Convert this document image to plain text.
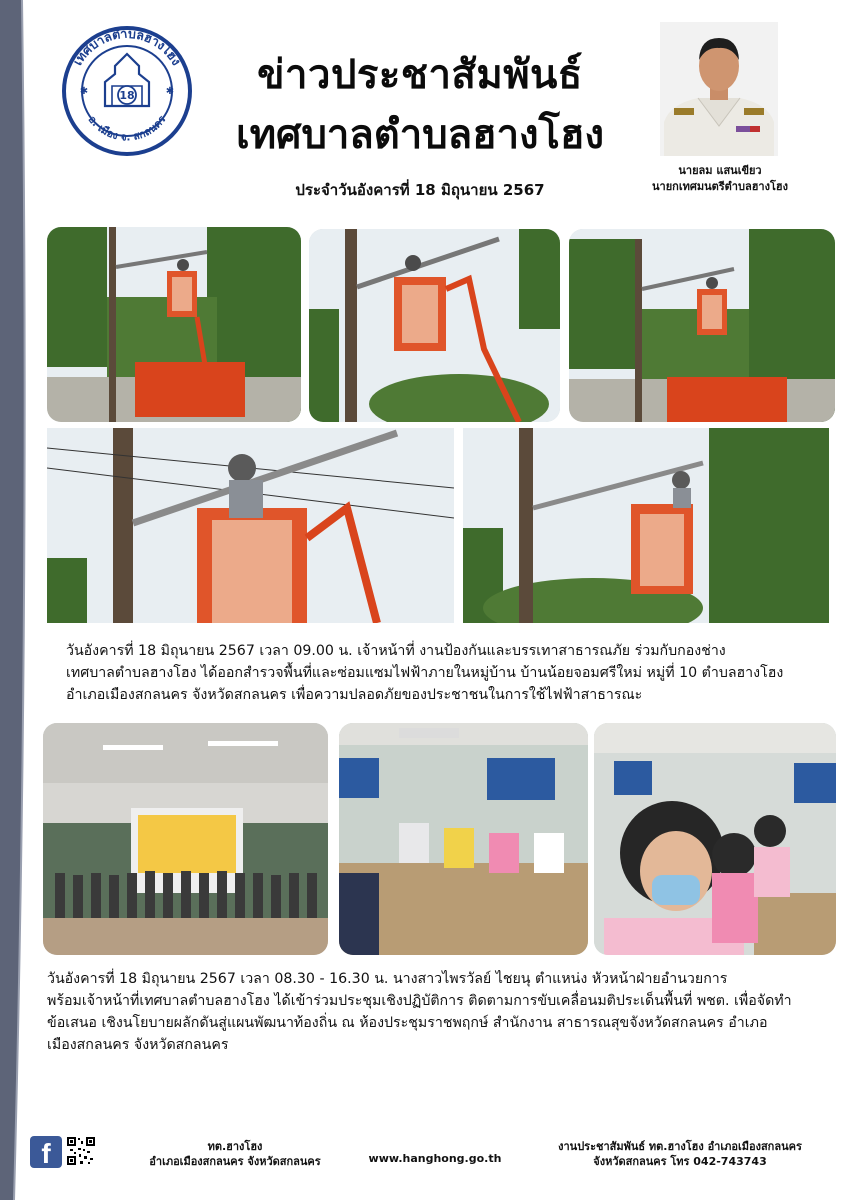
18
✱	✱
เทศบาลตำบลฮางโฮง
อ. เมือง จ. สกลนคร
ข่าวประชาสัมพันธ์
เทศบาลตำบลฮางโฮง
ประจำวันอังคารที่ 18 มิถุนายน 2567
นายลม แสนเขียว
นายกเทศมนตรีตำบลฮางโฮง
วันอังคารที่ 18 มิถุนายน 2567 เวลา 09.00 น. เจ้าหน้าที่ งานป้องกันและบรรเทาสาธารณภัย ร่วมกับกองช่าง
เทศบาลตำบลฮางโฮง ได้ออกสำรวจพื้นที่และซ่อมแซมไฟฟ้าภายในหมู่บ้าน บ้านน้อยจอมศรีใหม่ หมู่ที่ 10 ตำบลฮางโฮง
อำเภอเมืองสกลนคร จังหวัดสกลนคร เพื่อความปลอดภัยของประชาชนในการใช้ไฟฟ้าสาธารณะ
วันอังคารที่ 18 มิถุนายน 2567 เวลา 08.30 - 16.30 น. นางสาวไพรวัลย์ ไชยนุ ตำแหน่ง หัวหน้าฝ่ายอำนวยการ
พร้อมเจ้าหน้าที่เทศบาลตำบลฮางโฮง ได้เข้าร่วมประชุมเชิงปฏิบัติการ ติดตามการขับเคลื่อนมติประเด็นพื้นที่ พชต. เพื่อจัดทำ
ข้อเสนอ เชิงนโยบายผลักดันสู่แผนพัฒนาท้องถิ่น ณ ห้องประชุมราชพฤกษ์ สำนักงาน สาธารณสุขจังหวัดสกลนคร อำเภอ
เมืองสกลนคร จังหวัดสกลนคร
f	ทต.ฮางโฮง
อำเภอเมืองสกลนคร จังหวัดสกลนคร	www.hanghong.go.th
งานประชาสัมพันธ์ ทต.ฮางโฮง อำเภอเมืองสกลนคร
จังหวัดสกลนคร โทร 042-743743
